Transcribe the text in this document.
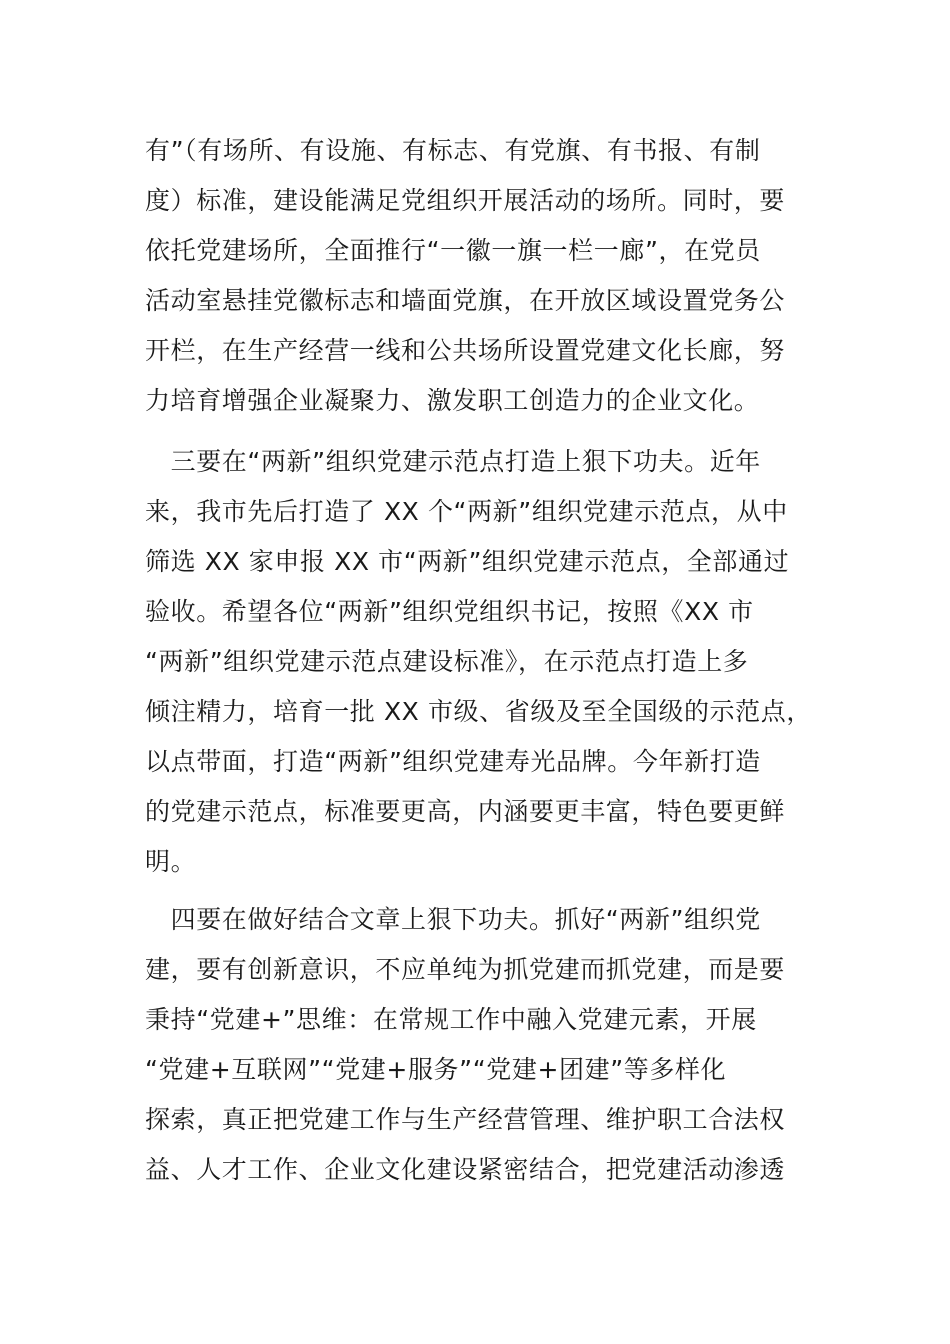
有”（有场所、有设施、有标志、有党旗、有书报、有制
度）标准，建设能满足党组织开展活动的场所。同时，要
依托党建场所，全面推行“一徽一旗一栏一廊”，在党员
活动室悬挂党徽标志和墙面党旗，在开放区域设置党务公
开栏，在生产经营一线和公共场所设置党建文化长廊，努
力培育增强企业凝聚力、激发职工创造力的企业文化。
　三要在“两新”组织党建示范点打造上狠下功夫。近年
来，我市先后打造了 XX 个“两新”组织党建示范点，从中
筛选 XX 家申报 XX 市“两新”组织党建示范点，全部通过
验收。希望各位“两新”组织党组织书记，按照《XX 市
“两新”组织党建示范点建设标准》，在示范点打造上多
倾注精力，培育一批 XX 市级、省级及至全国级的示范点，
以点带面，打造“两新”组织党建寿光品牌。今年新打造
的党建示范点，标准要更高，内涵要更丰富，特色要更鲜
明。
　四要在做好结合文章上狠下功夫。抓好“两新”组织党
建，要有创新意识，不应单纯为抓党建而抓党建，而是要
秉持“党建+”思维：在常规工作中融入党建元素，开展
“党建+互联网”“党建+服务”“党建+团建”等多样化
探索，真正把党建工作与生产经营管理、维护职工合法权
益、人才工作、企业文化建设紧密结合，把党建活动渗透
